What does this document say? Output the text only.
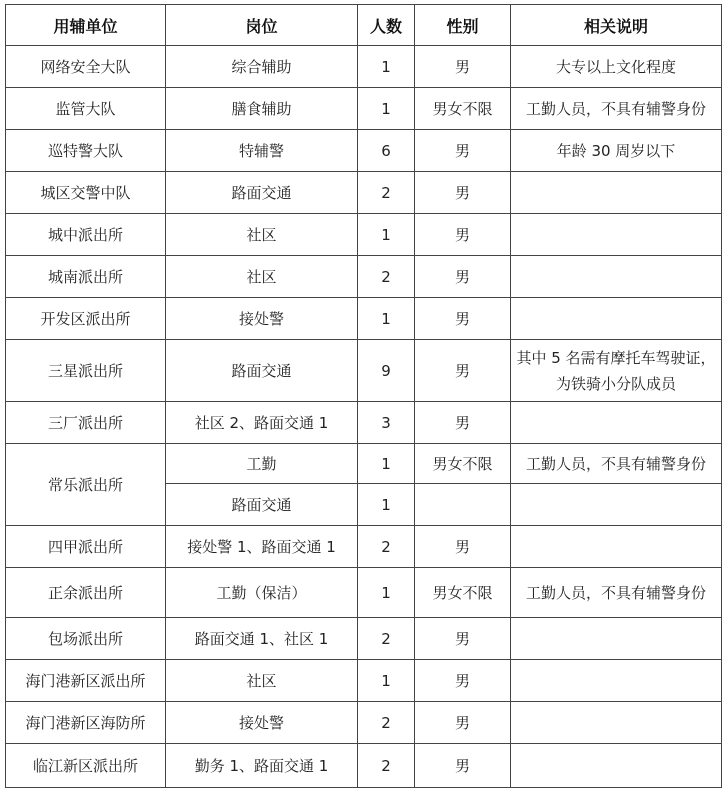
用辅单位	岗位	人数	性别	相关说明
网络安全大队	综合辅助	1	男	大专以上文化程度
监管大队	膳食辅助	1	男女不限	工勤人员，不具有辅警身份
巡特警大队	特辅警	6	男	年龄 30 周岁以下
城区交警中队	路面交通	2	男	
城中派出所	社区	1	男	
城南派出所	社区	2	男	
开发区派出所	接处警	1	男	
三星派出所	路面交通	9	男	其中 5 名需有摩托车驾驶证，为铁骑小分队成员
三厂派出所	社区 2、路面交通 1	3	男	
常乐派出所	工勤	1	男女不限	工勤人员，不具有辅警身份
	路面交通	1		
四甲派出所	接处警 1、路面交通 1	2	男	
正余派出所	工勤（保洁）	1	男女不限	工勤人员，不具有辅警身份
包场派出所	路面交通 1、社区 1	2	男	
海门港新区派出所	社区	1	男	
海门港新区海防所	接处警	2	男	
临江新区派出所	勤务 1、路面交通 1	2	男	
